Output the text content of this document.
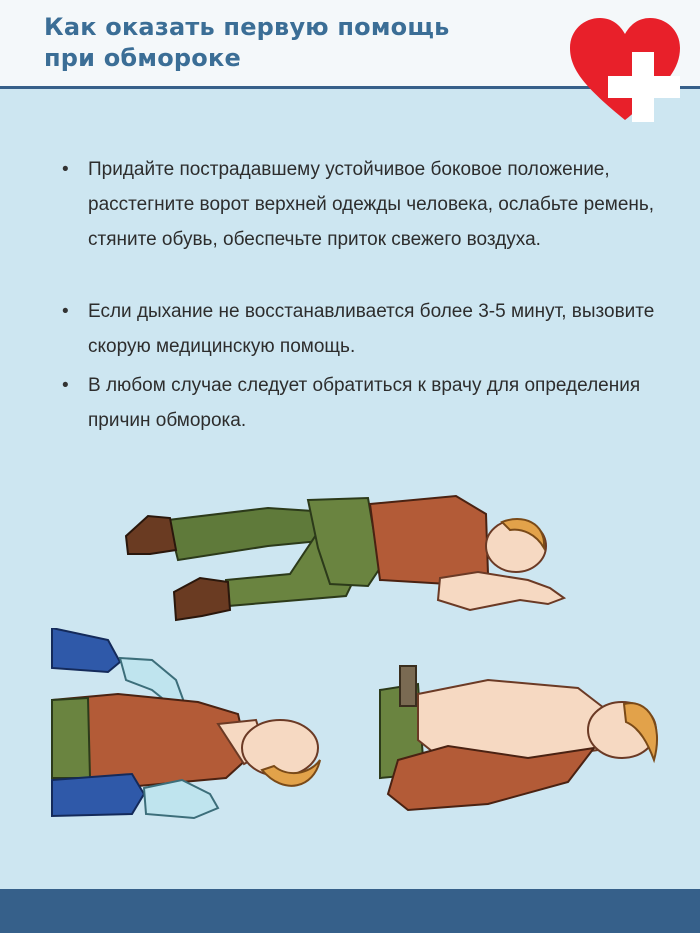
Как оказать первую помощь
при обмороке
• Придайте пострадавшему устойчивое боковое положение, расстегните ворот верхней одежды человека, ослабьте ремень, стяните обувь, обеспечьте приток свежего воздуха.
• Если дыхание не восстанавливается более 3-5 минут, вызовите скорую медицинскую помощь.
• В любом случае следует обратиться к врачу для определения причин обморока.
